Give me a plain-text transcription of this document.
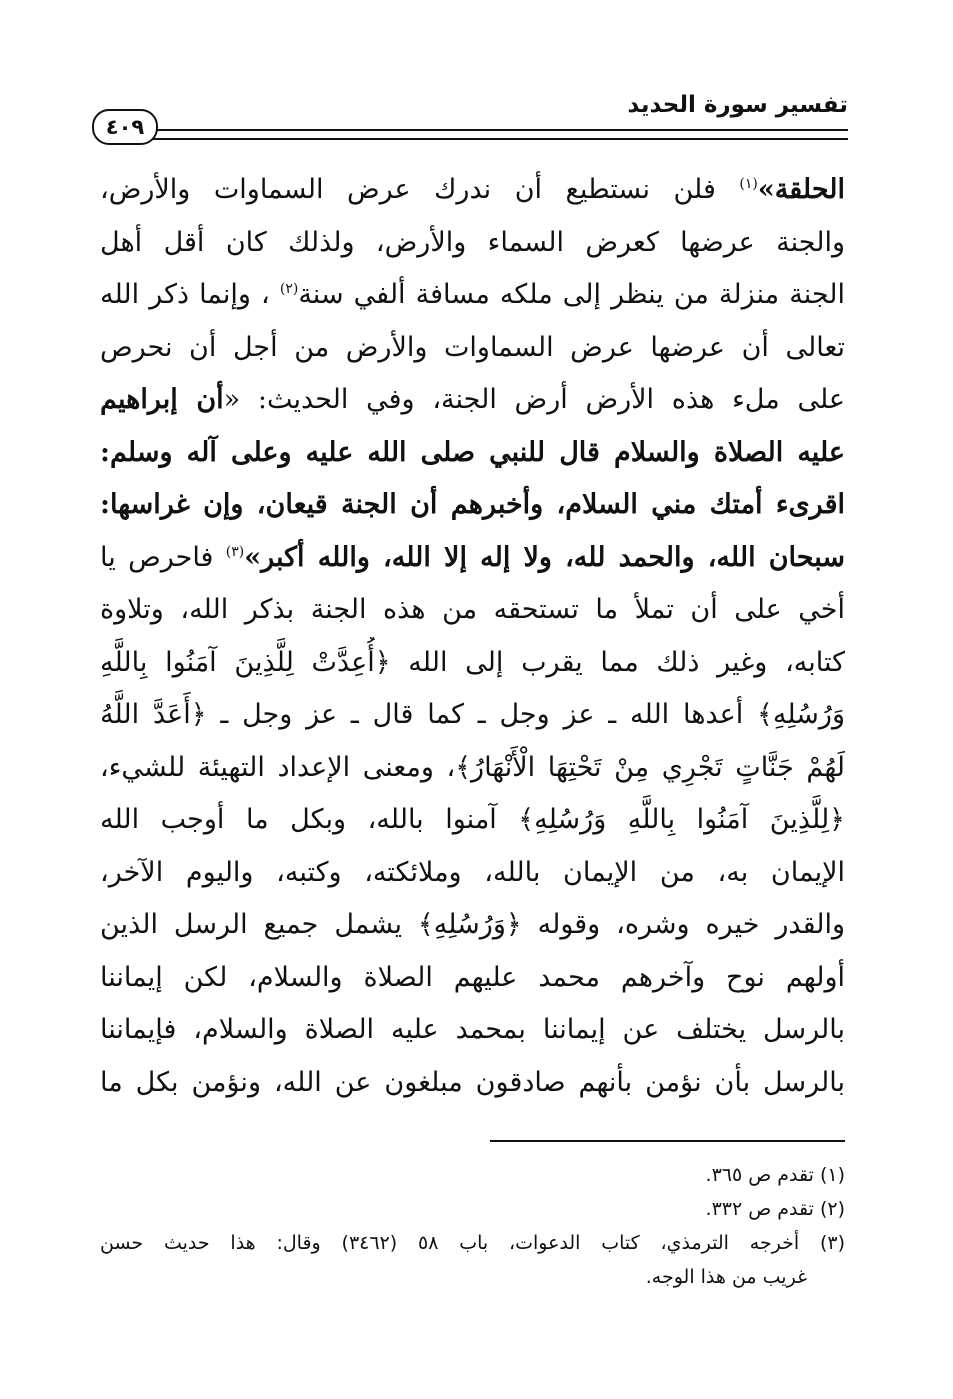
تفسير سورة الحديد
٤٠٩
الحلقة»$^{(١)}$ فلن نستطيع أن ندرك عرض السماوات والأرض،
والجنة عرضها كعرض السماء والأرض، ولذلك كان أقل أهل
الجنة منزلة من ينظر إلى ملكه مسافة ألفي سنة$^{(٢)}$ ، وإنما ذكر الله
تعالى أن عرضها عرض السماوات والأرض من أجل أن نحرص
على ملء هذه الأرض أرض الجنة، وفي الحديث: «أن إبراهيم
عليه الصلاة والسلام قال للنبي صلى الله عليه وعلى آله وسلم:
اقرىء أمتك مني السلام، وأخبرهم أن الجنة قيعان، وإن غراسها:
سبحان الله، والحمد لله، ولا إله إلا الله، والله أكبر»$^{(٣)}$ فاحرص يا
أخي على أن تملأ ما تستحقه من هذه الجنة بذكر الله، وتلاوة
كتابه، وغير ذلك مما يقرب إلى الله ﴿أُعِدَّتْ لِلَّذِينَ آمَنُوا بِاللَّهِ
وَرُسُلِهِ﴾ أعدها الله ـ عز وجل ـ كما قال ـ عز وجل ـ ﴿أَعَدَّ اللَّهُ
لَهُمْ جَنَّاتٍ تَجْرِي مِنْ تَحْتِهَا الْأَنْهَارُ﴾، ومعنى الإعداد التهيئة للشيء،
﴿لِلَّذِينَ آمَنُوا بِاللَّهِ وَرُسُلِهِ﴾ آمنوا بالله، وبكل ما أوجب الله
الإيمان به، من الإيمان بالله، وملائكته، وكتبه، واليوم الآخر،
والقدر خيره وشره، وقوله ﴿وَرُسُلِهِ﴾ يشمل جميع الرسل الذين
أولهم نوح وآخرهم محمد عليهم الصلاة والسلام، لكن إيماننا
بالرسل يختلف عن إيماننا بمحمد عليه الصلاة والسلام، فإيماننا
بالرسل بأن نؤمن بأنهم صادقون مبلغون عن الله، ونؤمن بكل ما
(١) تقدم ص ٣٦٥.
(٢) تقدم ص ٣٣٢.
(٣) أخرجه الترمذي، كتاب الدعوات، باب ٥٨ (٣٤٦٢) وقال: هذا حديث حسن
غريب من هذا الوجه.
